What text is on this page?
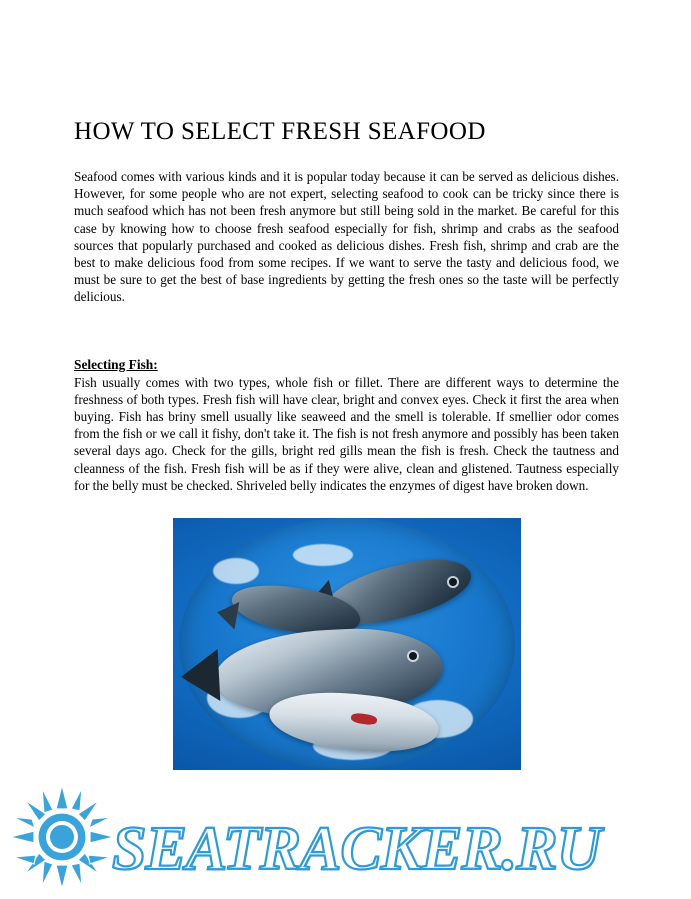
HOW TO SELECT FRESH SEAFOOD

Seafood comes with various kinds and it is popular today because it can be served as delicious dishes. However, for some people who are not expert, selecting seafood to cook can be tricky since there is much seafood which has not been fresh anymore but still being sold in the market. Be careful for this case by knowing how to choose fresh seafood especially for fish, shrimp and crabs as the seafood sources that popularly purchased and cooked as delicious dishes. Fresh fish, shrimp and crab are the best to make delicious food from some recipes. If we want to serve the tasty and delicious food, we must be sure to get the best of base ingredients by getting the fresh ones so the taste will be perfectly delicious.

Selecting Fish:

Fish usually comes with two types, whole fish or fillet. There are different ways to determine the freshness of both types. Fresh fish will have clear, bright and convex eyes. Check it first the area when buying. Fish has briny smell usually like seaweed and the smell is tolerable. If smellier odor comes from the fish or we call it fishy, don't take it. The fish is not fresh anymore and possibly has been taken several days ago. Check for the gills, bright red gills mean the fish is fresh. Check the tautness and cleanness of the fish. Fresh fish will be as if they were alive, clean and glistened. Tautness especially for the belly must be checked. Shriveled belly indicates the enzymes of digest have broken down.

SEATRACKER.RU
